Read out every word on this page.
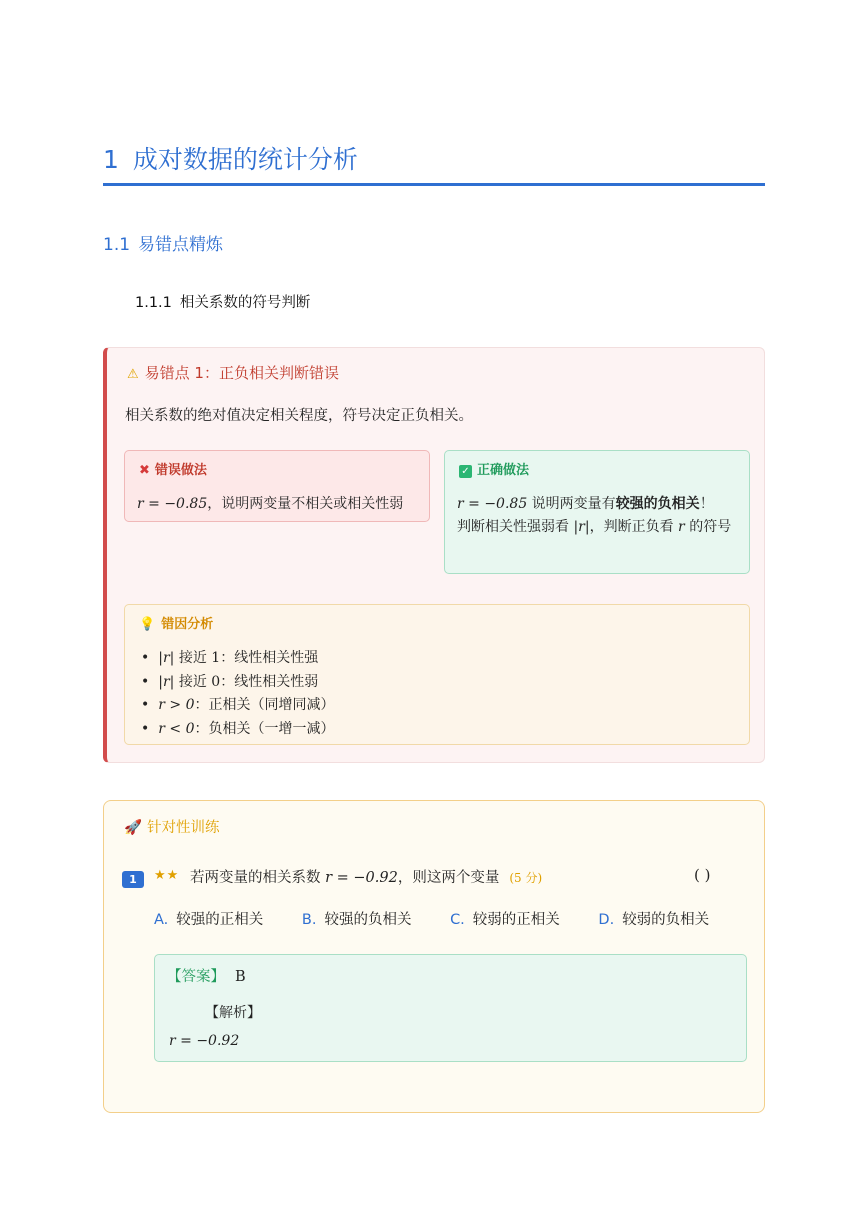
1 成对数据的统计分析
1.1 易错点精炼
1.1.1 相关系数的符号判断
⚠ 易错点 1：正负相关判断错误
相关系数的绝对值决定相关程度，符号决定正负相关。
✖ 错误做法
r = −0.85，说明两变量不相关或相关性弱
✓ 正确做法
r = −0.85 说明两变量有较强的负相关！
判断相关性强弱看 |r|，判断正负看 r 的符号
💡 错因分析
• |r| 接近 1：线性相关性强
• |r| 接近 0：线性相关性弱
• r > 0：正相关（同增同减）
• r < 0：负相关（一增一减）
🚀 针对性训练
1	★★ 若两变量的相关系数 r = −0.92，则这两个变量 (5 分)	( )
A. 较强的正相关	B. 较强的负相关	C. 较弱的正相关	D. 较弱的负相关
【答案】 B
【解析】
r = −0.92
